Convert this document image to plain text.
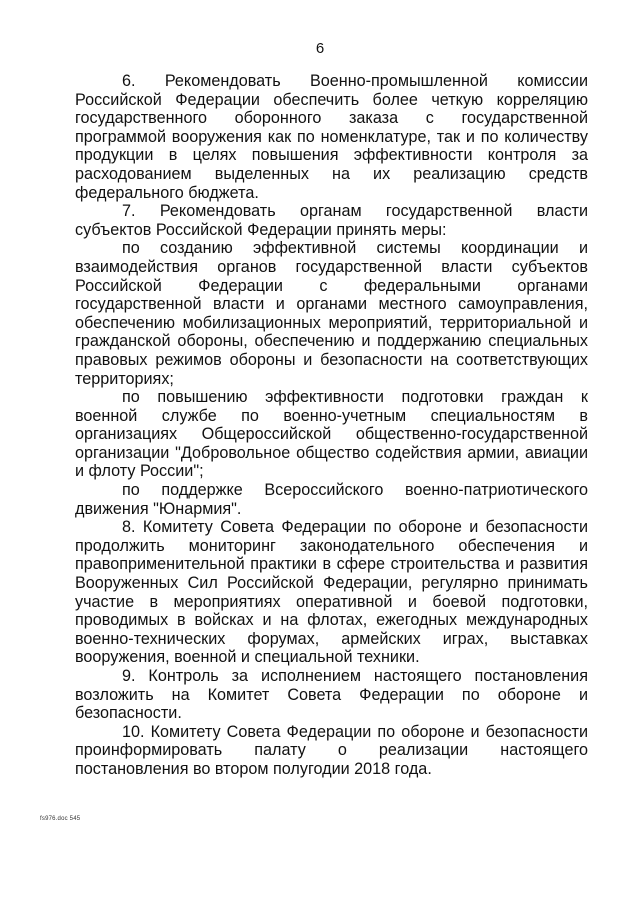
6

6. Рекомендовать Военно-промышленной комиссии Российской Федерации обеспечить более четкую корреляцию государственного оборонного заказа с государственной программой вооружения как по номенклатуре, так и по количеству продукции в целях повышения эффективности контроля за расходованием выделенных на их реализацию средств федерального бюджета.

7. Рекомендовать органам государственной власти субъектов Российской Федерации принять меры:

по созданию эффективной системы координации и взаимодействия органов государственной власти субъектов Российской Федерации с федеральными органами государственной власти и органами местного самоуправления, обеспечению мобилизационных мероприятий, территориальной и гражданской обороны, обеспечению и поддержанию специальных правовых режимов обороны и безопасности на соответствующих территориях;

по повышению эффективности подготовки граждан к военной службе по военно-учетным специальностям в организациях Общероссийской общественно-государственной организации "Добровольное общество содействия армии, авиации и флоту России";

по поддержке Всероссийского военно-патриотического движения "Юнармия".

8. Комитету Совета Федерации по обороне и безопасности продолжить мониторинг законодательного обеспечения и правоприменительной практики в сфере строительства и развития Вооруженных Сил Российской Федерации, регулярно принимать участие в мероприятиях оперативной и боевой подготовки, проводимых в войсках и на флотах, ежегодных международных военно-технических форумах, армейских играх, выставках вооружения, военной и специальной техники.

9. Контроль за исполнением настоящего постановления возложить на Комитет Совета Федерации по обороне и безопасности.

10. Комитету Совета Федерации по обороне и безопасности проинформировать палату о реализации настоящего постановления во втором полугодии 2018 года.

fs976.doc 545
